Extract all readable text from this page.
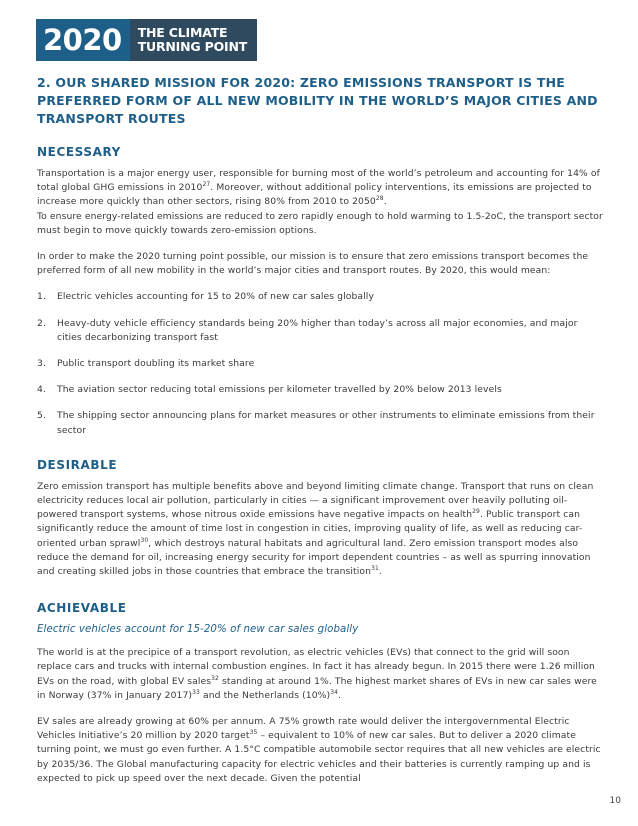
2020	THE CLIMATE
TURNING POINT
2. OUR SHARED MISSION FOR 2020: ZERO EMISSIONS TRANSPORT IS THE PREFERRED FORM OF ALL NEW MOBILITY IN THE WORLD’S MAJOR CITIES AND TRANSPORT ROUTES
NECESSARY

Transportation is a major energy user, responsible for burning most of the world’s petroleum and accounting for 14% of total global GHG emissions in 2010$^{27}$. Moreover, without additional policy interventions, its emissions are projected to increase more quickly than other sectors, rising 80% from 2010 to 2050$^{28}$.

To ensure energy-related emissions are reduced to zero rapidly enough to hold warming to 1.5-2oC, the transport sector must begin to move quickly towards zero-emission options.

In order to make the 2020 turning point possible, our mission is to ensure that zero emissions transport becomes the preferred form of all new mobility in the world’s major cities and transport routes. By 2020, this would mean:

1.	Electric vehicles accounting for 15 to 20% of new car sales globally
2.	Heavy-duty vehicle efficiency standards being 20% higher than today’s across all major economies, and major cities decarbonizing transport fast
3.	Public transport doubling its market share
4.	The aviation sector reducing total emissions per kilometer travelled by 20% below 2013 levels
5.	The shipping sector announcing plans for market measures or other instruments to eliminate emissions from their sector
DESIRABLE

Zero emission transport has multiple benefits above and beyond limiting climate change. Transport that runs on clean electricity reduces local air pollution, particularly in cities — a significant improvement over heavily polluting oil-powered transport systems, whose nitrous oxide emissions have negative impacts on health$^{29}$. Public transport can significantly reduce the amount of time lost in congestion in cities, improving quality of life, as well as reducing car-oriented urban sprawl$^{30}$, which destroys natural habitats and agricultural land. Zero emission transport modes also reduce the demand for oil, increasing energy security for import dependent countries – as well as spurring innovation and creating skilled jobs in those countries that embrace the transition$^{31}$.

ACHIEVABLE

Electric vehicles account for 15-20% of new car sales globally

The world is at the precipice of a transport revolution, as electric vehicles (EVs) that connect to the grid will soon replace cars and trucks with internal combustion engines. In fact it has already begun. In 2015 there were 1.26 million EVs on the road, with global EV sales$^{32}$ standing at around 1%. The highest market shares of EVs in new car sales were in Norway (37% in January 2017)$^{33}$ and the Netherlands $(10\%)^{34}$.

EV sales are already growing at 60% per annum. A 75% growth rate would deliver the intergovernmental Electric Vehicles Initiative’s 20 million by 2020 target$^{35}$ – equivalent to 10% of new car sales. But to deliver a 2020 climate turning point, we must go even further. A 1.5°C compatible automobile sector requires that all new vehicles are electric by 2035/36. The Global manufacturing capacity for electric vehicles and their batteries is currently ramping up and is expected to pick up speed over the next decade. Given the potential

10
